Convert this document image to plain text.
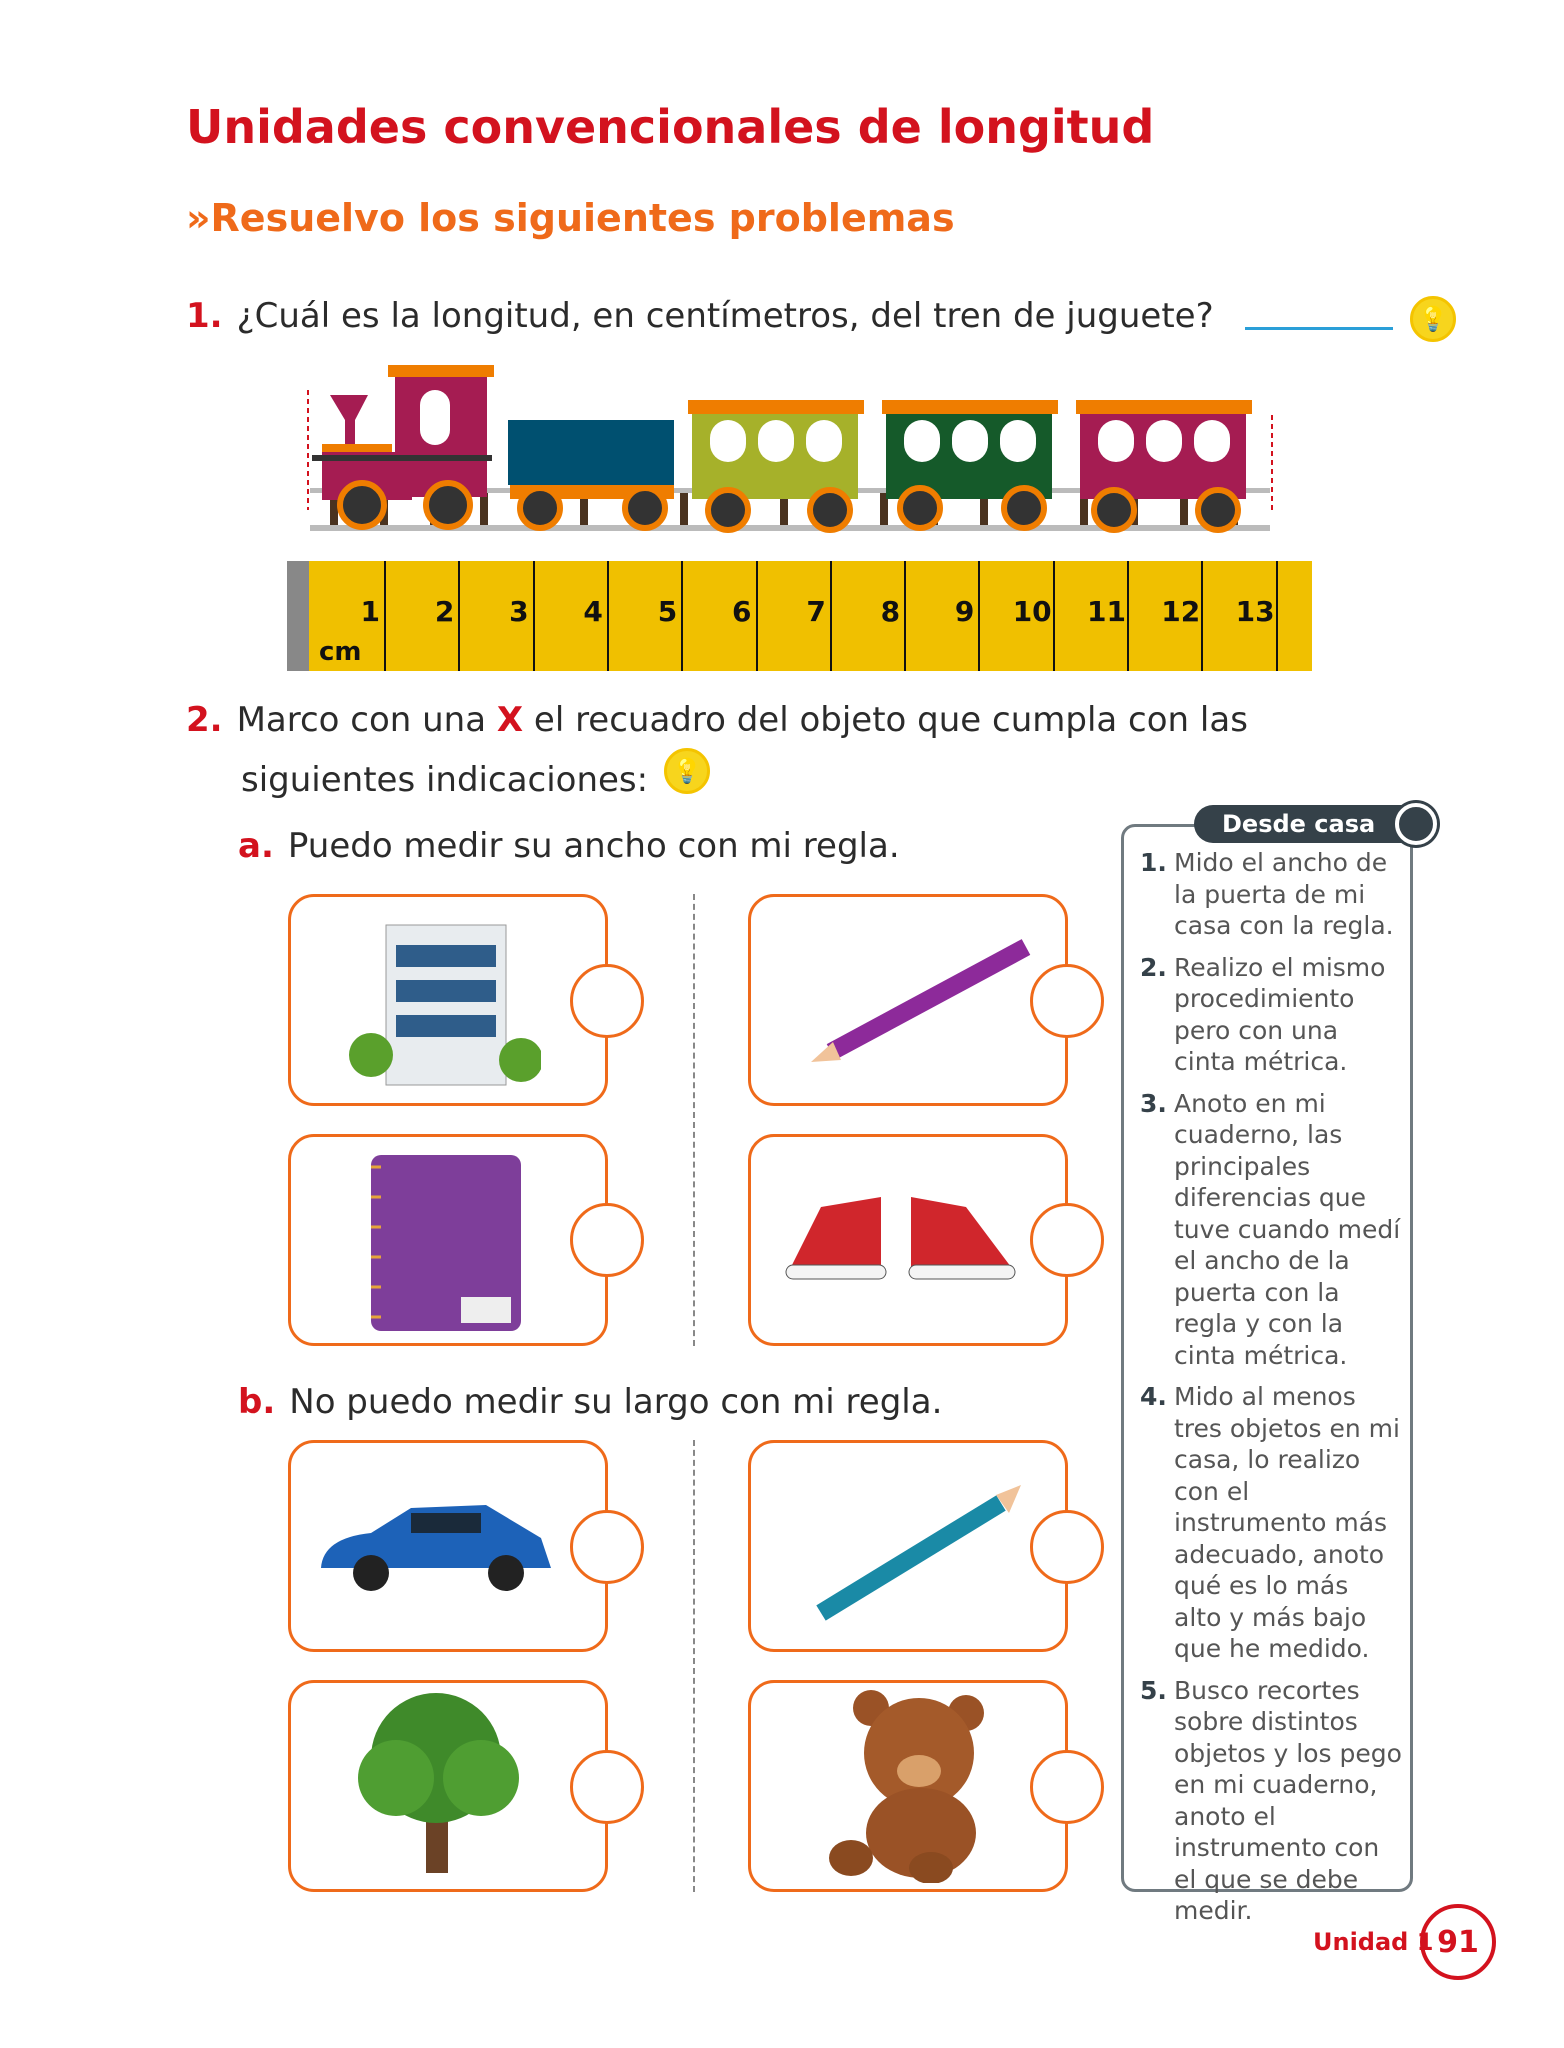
Unidades convencionales de longitud
»Resuelvo los siguientes problemas
1. ¿Cuál es la longitud, en centímetros, del tren de juguete?	💡
cm
1	2	3	4	5	6	7	8	9 10 11 12 13
2. Marco con una X el recuadro del objeto que cumpla con las
siguientes indicaciones: 💡
a. Puedo medir su ancho con mi regla.
b. No puedo medir su largo con mi regla.
1. Mido el ancho de la puerta de mi casa con la regla.
2. Realizo el mismo procedimiento pero con una cinta métrica.
3. Anoto en mi cuaderno, las principales diferencias que tuve cuando medí el ancho de la puerta con la regla y con la cinta métrica.
4. Mido al menos tres objetos en mi casa, lo realizo con el instrumento más adecuado, anoto qué es lo más alto y más bajo que he medido.
5. Busco recortes sobre distintos objetos y los pego en mi cuaderno, anoto el instrumento con el que se debe medir.
Desde casa
Unidad 1 91
